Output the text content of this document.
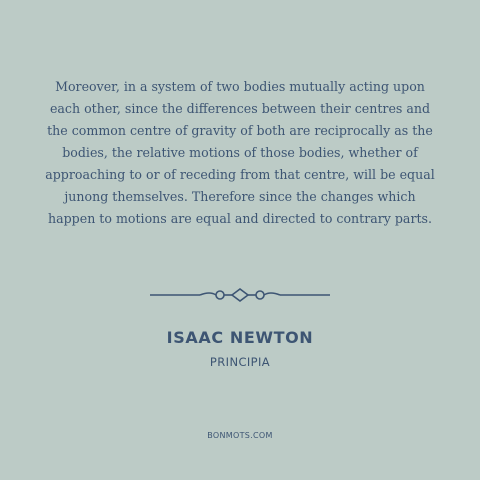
Moreover, in a system of two bodies mutually acting upon each other, since the differences between their centres and the common centre of gravity of both are reciprocally as the bodies, the relative motions of those bodies, whether of approaching to or of receding from that centre, will be equal junong themselves. Therefore since the changes which happen to motions are equal and directed to contrary parts.

ISAAC NEWTON
PRINCIPIA
BONMOTS.COM
